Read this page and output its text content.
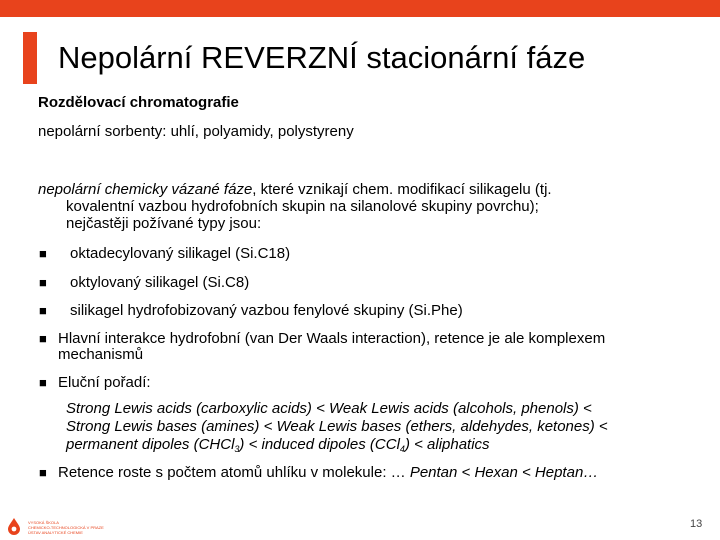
Nepolární REVERZNÍ stacionární fáze
Rozdělovací chromatografie
nepolární sorbenty: uhlí, polyamidy, polystyreny
nepolární chemicky vázané fáze, které vznikají chem. modifikací silikagelu (tj.
kovalentní vazbou hydrofobních skupin na silanolové skupiny povrchu);
nejčastěji požívané typy jsou:
■
oktadecylovaný silikagel (Si.C18)
■
oktylovaný silikagel (Si.C8)
■
silikagel hydrofobizovaný vazbou fenylové skupiny (Si.Phe)
■
Hlavní interakce hydrofobní (van Der Waals interaction), retence je ale komplexem
mechanismů
■
Eluční pořadí:
Strong Lewis acids (carboxylic acids) < Weak Lewis acids (alcohols, phenols) <
Strong Lewis bases (amines) < Weak Lewis bases (ethers, aldehydes, ketones) <
permanent dipoles (CHCl$_3$) < induced dipoles (CCl$_4$) < aliphatics
■
Retence roste s počtem atomů uhlíku v molekule: … Pentan < Hexan < Heptan…
VYSOKÁ ŠKOLA
CHEMICKO-TECHNOLOGICKÁ V PRAZE
ÚSTAV ANALYTICKÉ CHEMIE
13
